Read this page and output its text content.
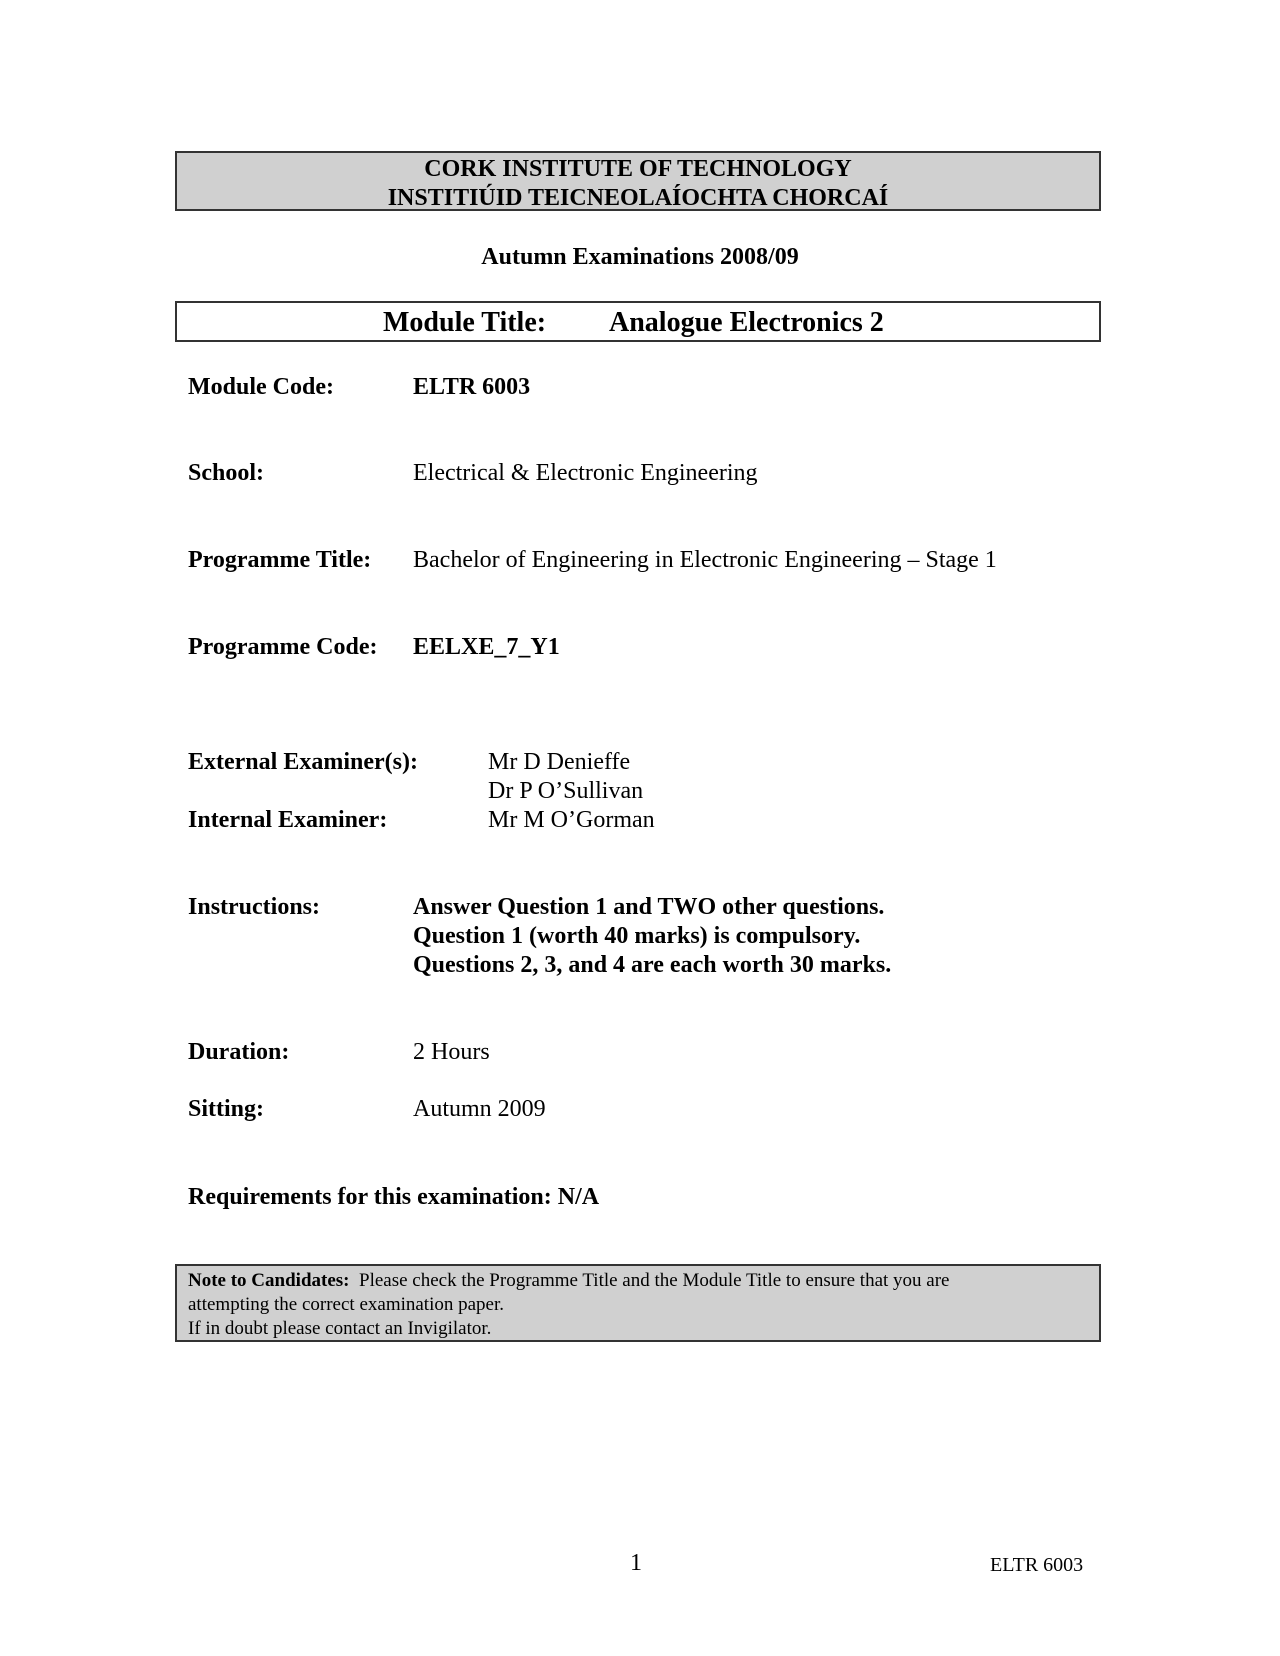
CORK INSTITUTE OF TECHNOLOGY
INSTITIÚID TEICNEOLAÍOCHTA CHORCAÍ
Autumn Examinations 2008/09
Module Title: Analogue Electronics 2
Module Code:	ELTR 6003
School:	Electrical & Electronic Engineering
Programme Title: Bachelor of Engineering in Electronic Engineering – Stage 1
Programme Code: EELXE_7_Y1
External Examiner(s):	Mr D Denieffe
Dr P O’Sullivan
Internal Examiner:	Mr M O’Gorman
Instructions:	Answer Question 1 and TWO other questions.
Question 1 (worth 40 marks) is compulsory.
Questions 2, 3, and 4 are each worth 30 marks.
Duration:	2 Hours
Sitting:	Autumn 2009
Requirements for this examination: N/A

Note to Candidates: Please check the Programme Title and the Module Title to ensure that you are

attempting the correct examination paper.

If in doubt please contact an Invigilator.

1	ELTR 6003
